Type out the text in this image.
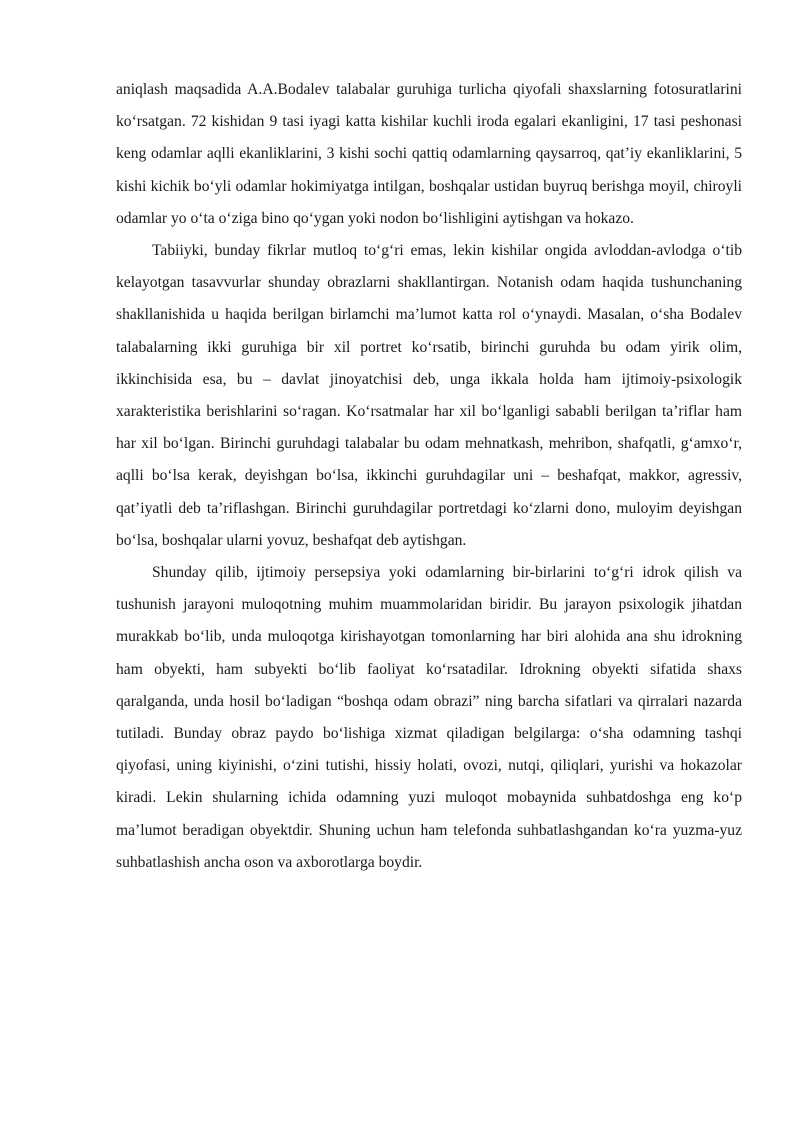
aniqlash maqsadida A.A.Bodalev talabalar guruhiga turlicha qiyofali shaxslarning fotosuratlarini ko‘rsatgan. 72 kishidan 9 tasi iyagi katta kishilar kuchli iroda egalari ekanligini, 17 tasi peshonasi keng odamlar aqlli ekanliklarini, 3 kishi sochi qattiq odamlarning qaysarroq, qat’iy ekanliklarini, 5 kishi kichik bo‘yli odamlar hokimiyatga intilgan, boshqalar ustidan buyruq berishga moyil, chiroyli odamlar yo o‘ta o‘ziga bino qo‘ygan yoki nodon bo‘lishligini aytishgan va hokazo.

Tabiiyki, bunday fikrlar mutloq to‘g‘ri emas, lekin kishilar ongida avloddan-avlodga o‘tib kelayotgan tasavvurlar shunday obrazlarni shakllantirgan. Notanish odam haqida tushunchaning shakllanishida u haqida berilgan birlamchi ma’lumot katta rol o‘ynaydi. Masalan, o‘sha Bodalev talabalarning ikki guruhiga bir xil portret ko‘rsatib, birinchi guruhda bu odam yirik olim, ikkinchisida esa, bu – davlat jinoyatchisi deb, unga ikkala holda ham ijtimoiy-psixologik xarakteristika berishlarini so‘ragan. Ko‘rsatmalar har xil bo‘lganligi sababli berilgan ta’riflar ham har xil bo‘lgan. Birinchi guruhdagi talabalar bu odam mehnatkash, mehribon, shafqatli, g‘amxo‘r, aqlli bo‘lsa kerak, deyishgan bo‘lsa, ikkinchi guruhdagilar uni – beshafqat, makkor, agressiv, qat’iyatli deb ta’riflashgan. Birinchi guruhdagilar portretdagi ko‘zlarni dono, muloyim deyishgan bo‘lsa, boshqalar ularni yovuz, beshafqat deb aytishgan.

Shunday qilib, ijtimoiy persepsiya yoki odamlarning bir-birlarini to‘g‘ri idrok qilish va tushunish jarayoni muloqotning muhim muammolaridan biridir. Bu jarayon psixologik jihatdan murakkab bo‘lib, unda muloqotga kirishayotgan tomonlarning har biri alohida ana shu idrokning ham obyekti, ham subyekti bo‘lib faoliyat ko‘rsatadilar. Idrokning obyekti sifatida shaxs qaralganda, unda hosil bo‘ladigan “boshqa odam obrazi” ning barcha sifatlari va qirralari nazarda tutiladi. Bunday obraz paydo bo‘lishiga xizmat qiladigan belgilarga: o‘sha odamning tashqi qiyofasi, uning kiyinishi, o‘zini tutishi, hissiy holati, ovozi, nutqi, qiliqlari, yurishi va hokazolar kiradi. Lekin shularning ichida odamning yuzi muloqot mobaynida suhbatdoshga eng ko‘p ma’lumot beradigan obyektdir. Shuning uchun ham telefonda suhbatlashgandan ko‘ra yuzma-yuz suhbatlashish ancha oson va axborotlarga boydir.
